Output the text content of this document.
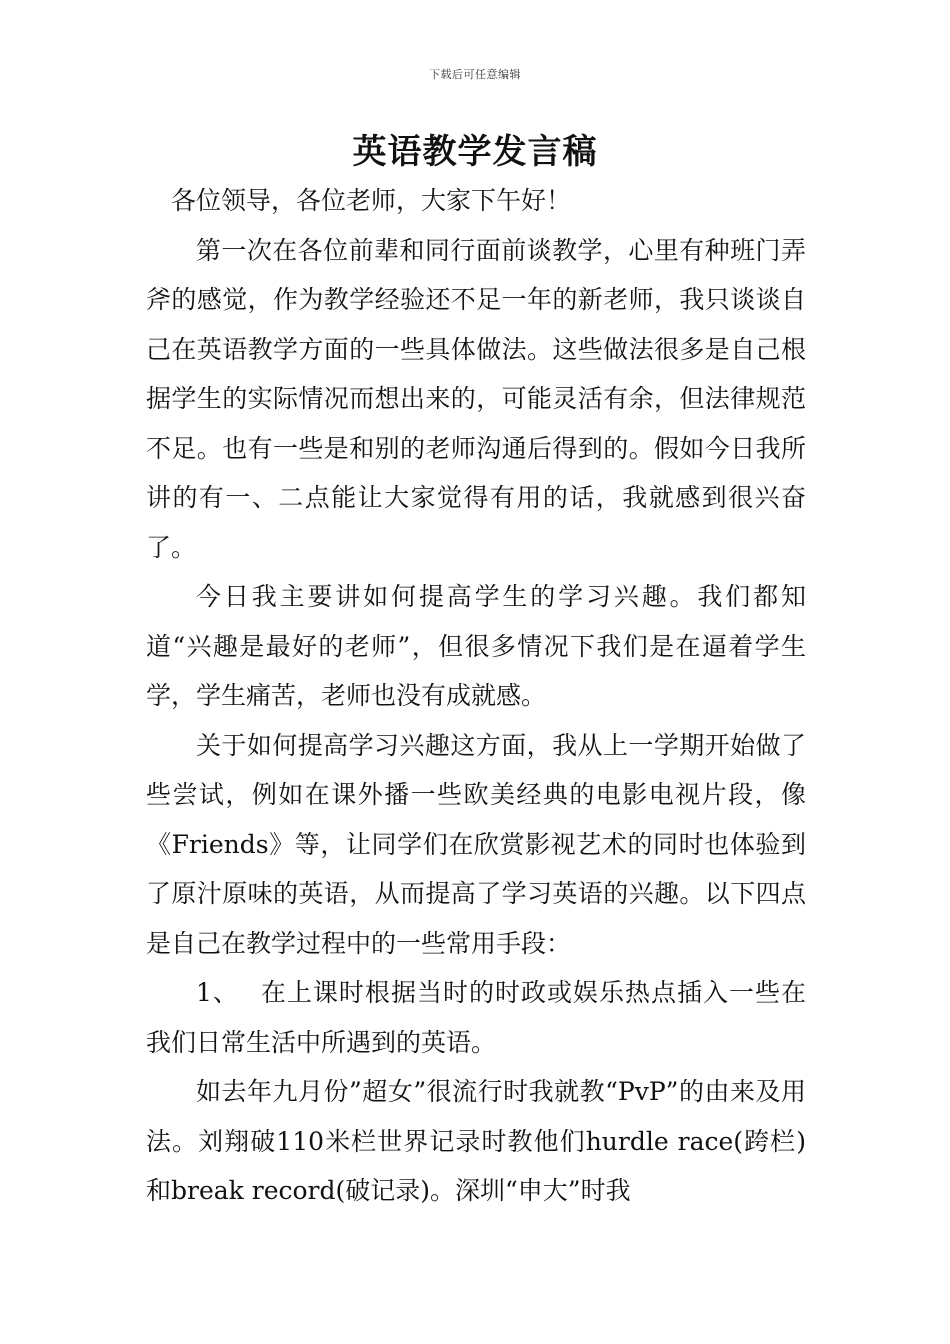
下载后可任意编辑
英语教学发言稿

各位领导，各位老师，大家下午好！

第一次在各位前辈和同行面前谈教学，心里有种班门弄斧的感觉，作为教学经验还不足一年的新老师，我只谈谈自己在英语教学方面的一些具体做法。这些做法很多是自己根据学生的实际情况而想出来的，可能灵活有余，但法律规范不足。也有一些是和别的老师沟通后得到的。假如今日我所讲的有一、二点能让大家觉得有用的话，我就感到很兴奋了。

今日我主要讲如何提高学生的学习兴趣。我们都知道“兴趣是最好的老师”，但很多情况下我们是在逼着学生学，学生痛苦，老师也没有成就感。

关于如何提高学习兴趣这方面，我从上一学期开始做了些尝试，例如在课外播一些欧美经典的电影电视片段，像《Friends》等，让同学们在欣赏影视艺术的同时也体验到了原汁原味的英语，从而提高了学习英语的兴趣。以下四点是自己在教学过程中的一些常用手段：

1、 在上课时根据当时的时政或娱乐热点插入一些在我们日常生活中所遇到的英语。

如去年九月份”超女”很流行时我就教“PvP”的由来及用法。刘翔破110米栏世界记录时教他们hurdle race(跨栏)和break record(破记录)。深圳“申大”时我
